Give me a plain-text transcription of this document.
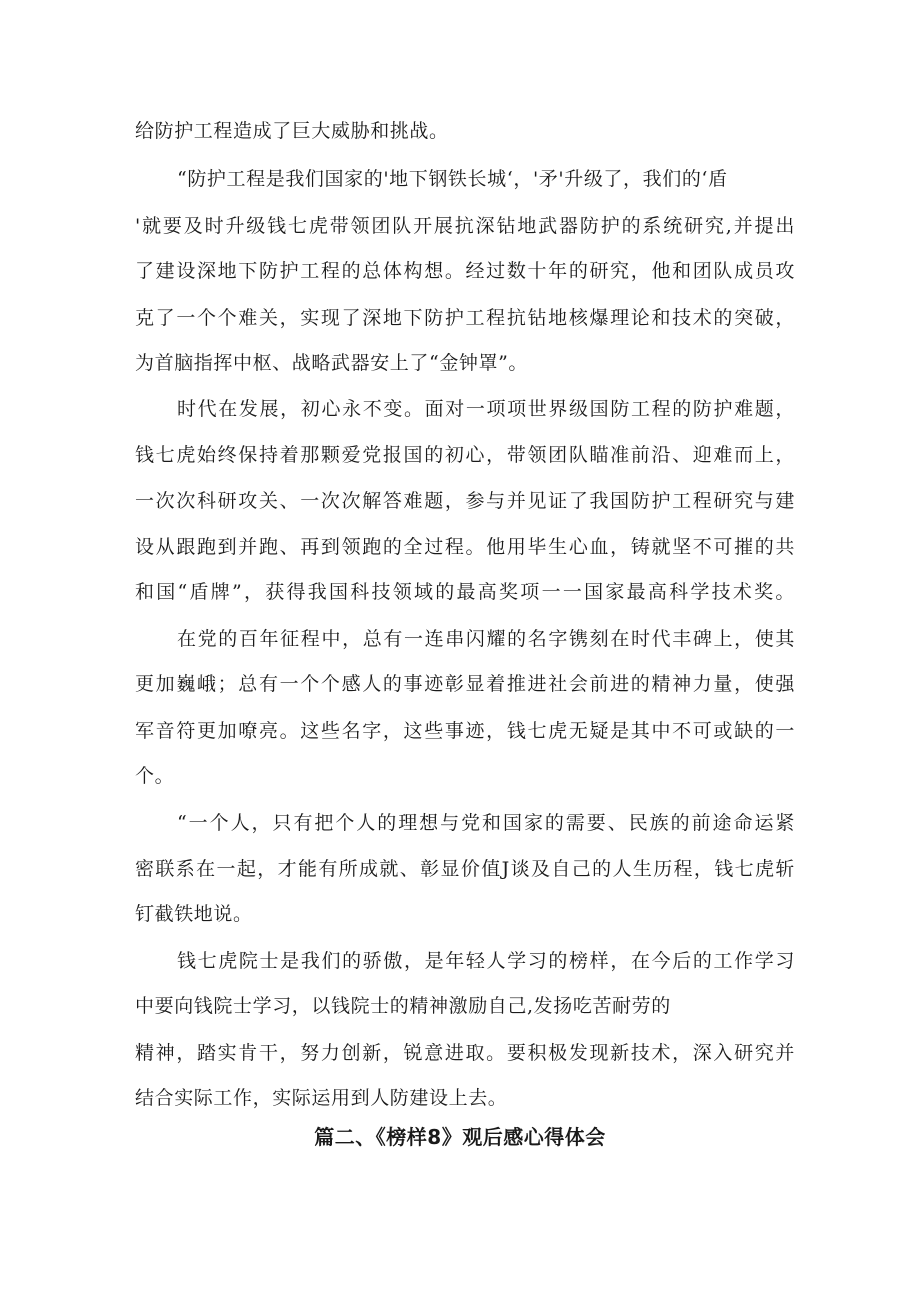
给防护工程造成了巨大威胁和挑战。
“防护工程是我们国家的'地下钢铁长城‘，'矛'升级了，我们的‘盾
'就要及时升级钱七虎带领团队开展抗深钻地武器防护的系统研究,并提出
了建设深地下防护工程的总体构想。经过数十年的研究，他和团队成员攻
克了一个个难关，实现了深地下防护工程抗钻地核爆理论和技术的突破，
为首脑指挥中枢、战略武器安上了“金钟罩”。
时代在发展，初心永不变。面对一项项世界级国防工程的防护难题，
钱七虎始终保持着那颗爱党报国的初心，带领团队瞄准前沿、迎难而上，
一次次科研攻关、一次次解答难题，参与并见证了我国防护工程研究与建
设从跟跑到并跑、再到领跑的全过程。他用毕生心血，铸就坚不可摧的共
和国“盾牌”，获得我国科技领域的最高奖项一一国家最高科学技术奖。
在党的百年征程中，总有一连串闪耀的名字镌刻在时代丰碑上，使其
更加巍峨；总有一个个感人的事迹彰显着推进社会前进的精神力量，使强
军音符更加嘹亮。这些名字，这些事迹，钱七虎无疑是其中不可或缺的一
个。
“一个人，只有把个人的理想与党和国家的需要、民族的前途命运紧
密联系在一起，才能有所成就、彰显价值J谈及自己的人生历程，钱七虎斩
钉截铁地说。
钱七虎院士是我们的骄傲，是年轻人学习的榜样，在今后的工作学习
中要向钱院士学习，以钱院士的精神激励自己,发扬吃苦耐劳的
精神，踏实肯干，努力创新，锐意进取。要积极发现新技术，深入研究并
结合实际工作，实际运用到人防建设上去。
篇二、《榜样8》观后感心得体会
